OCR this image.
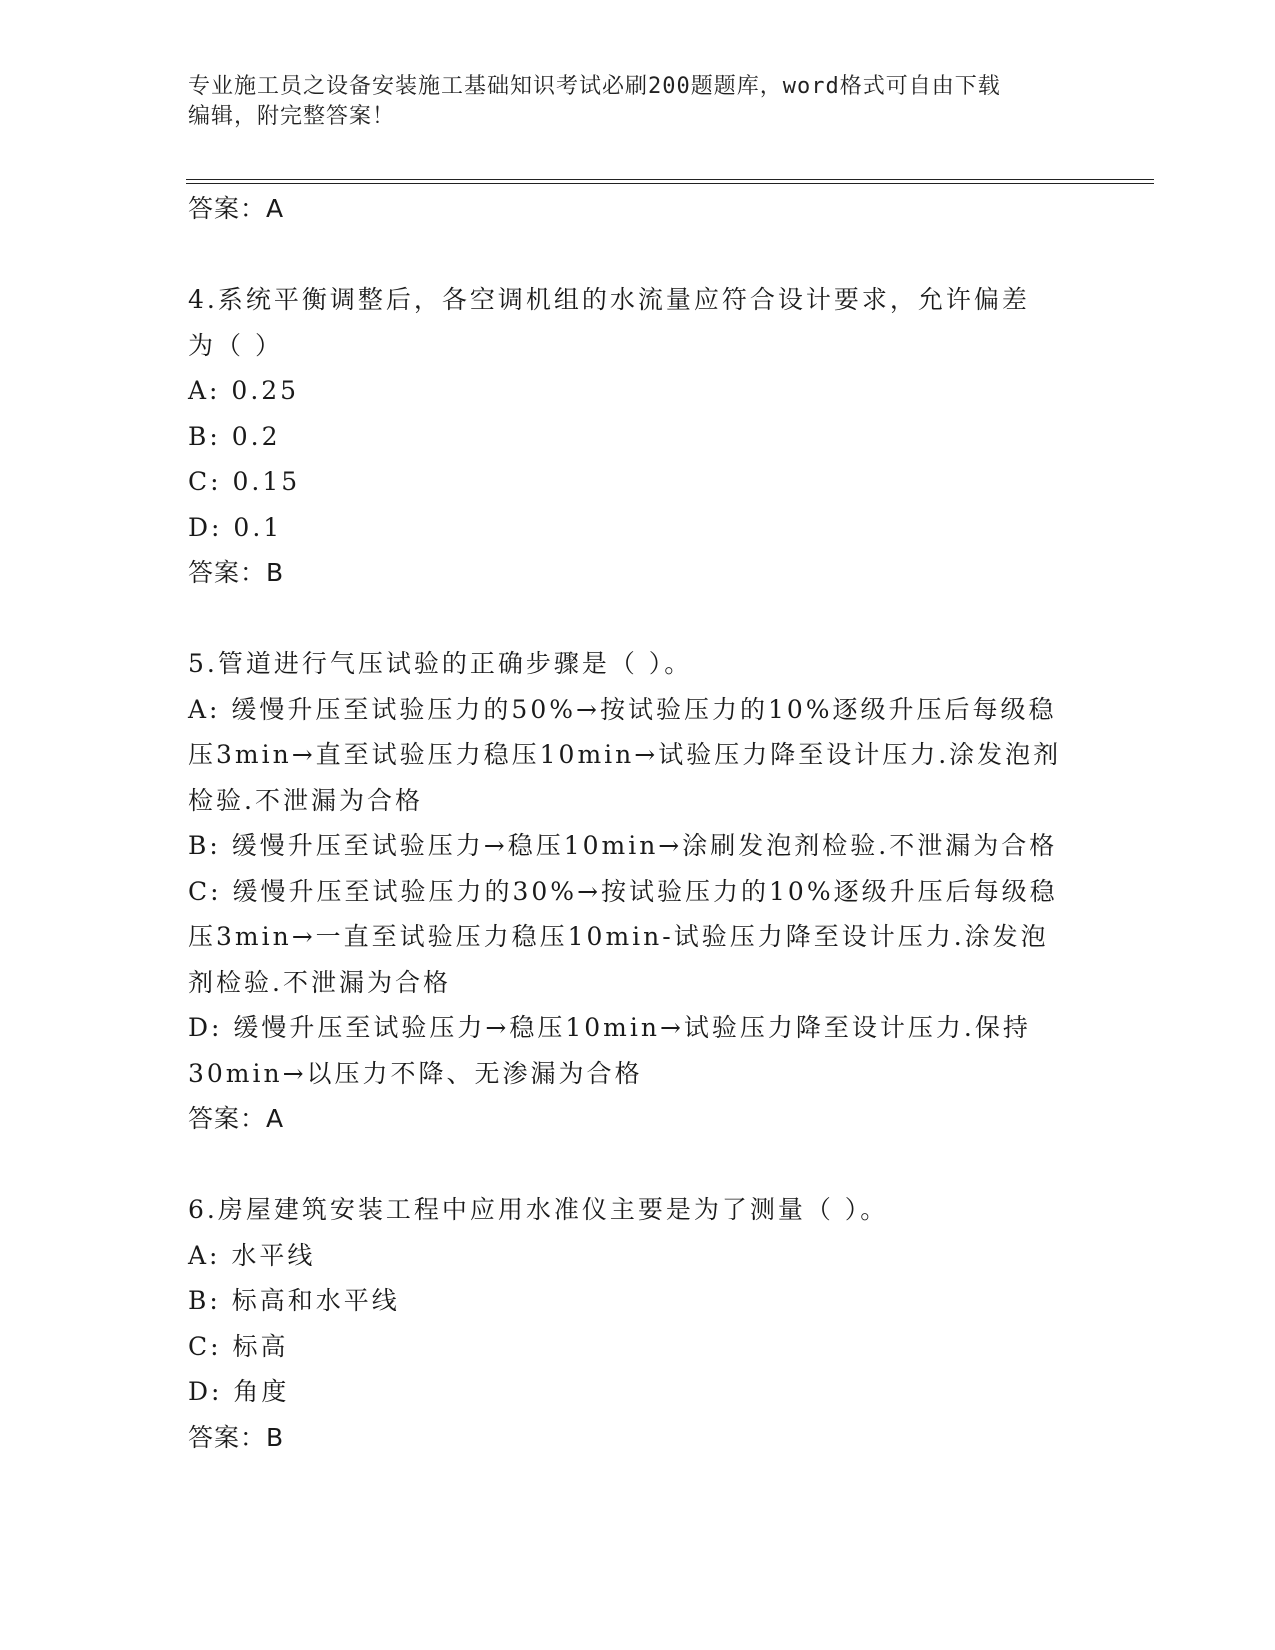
专业施工员之设备安装施工基础知识考试必刷200题题库，word格式可自由下载
编辑，附完整答案！
答案：A
4.系统平衡调整后，各空调机组的水流量应符合设计要求，允许偏差
为（ ）
A: 0.25
B: 0.2
C: 0.15
D: 0.1
答案：B
5.管道进行气压试验的正确步骤是（ ）。
A: 缓慢升压至试验压力的50%→按试验压力的10%逐级升压后每级稳
压3min→直至试验压力稳压10min→试验压力降至设计压力.涂发泡剂
检验.不泄漏为合格
B: 缓慢升压至试验压力→稳压10min→涂刷发泡剂检验.不泄漏为合格
C: 缓慢升压至试验压力的30%→按试验压力的10%逐级升压后每级稳
压3min→一直至试验压力稳压10min-试验压力降至设计压力.涂发泡
剂检验.不泄漏为合格
D: 缓慢升压至试验压力→稳压10min→试验压力降至设计压力.保持
30min→以压力不降、无渗漏为合格
答案：A
6.房屋建筑安装工程中应用水准仪主要是为了测量（ ）。
A: 水平线
B: 标高和水平线
C: 标高
D: 角度
答案：B
